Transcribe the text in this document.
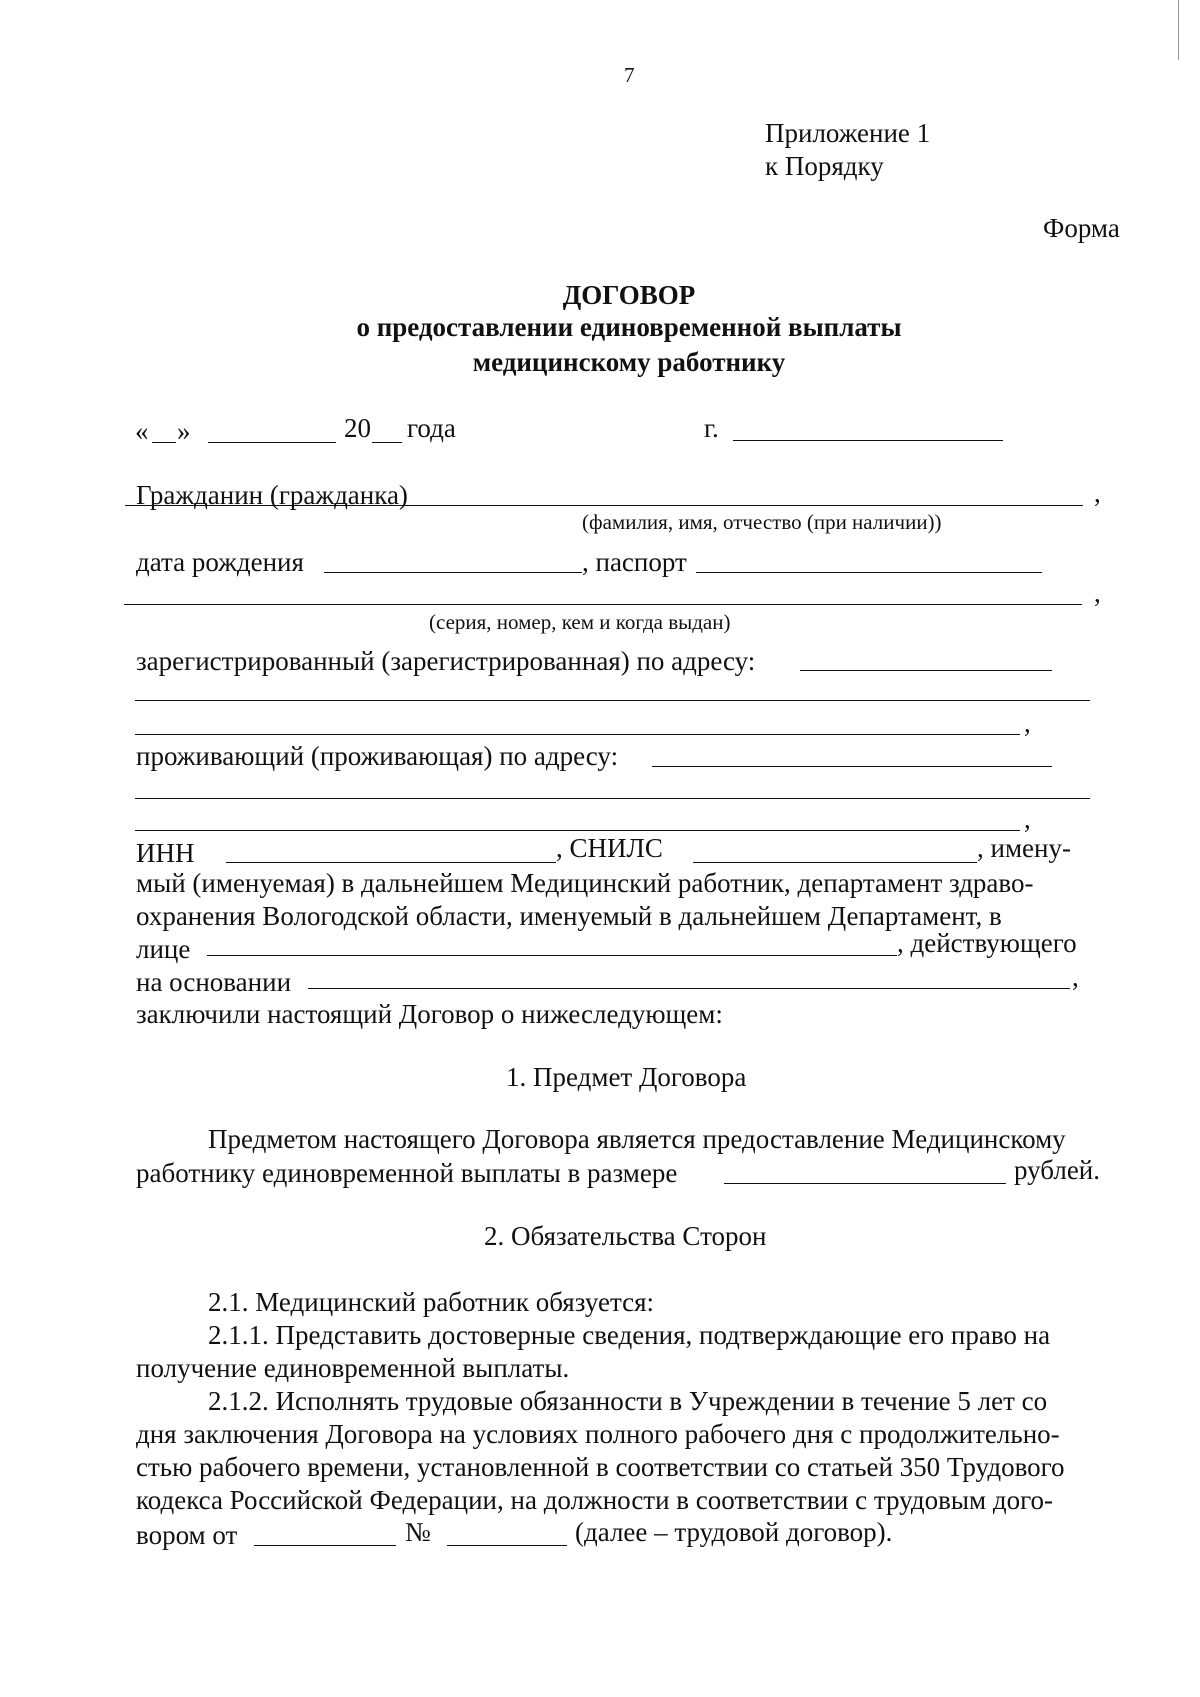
7
Приложение 1
к Порядку
Форма
ДОГОВОР
о предоставлении единовременной выплаты
медицинскому работнику
« »	20 года	г.
Гражданин (гражданка)	,
(фамилия, имя, отчество (при наличии))
дата рождения	, паспорт
,
(серия, номер, кем и когда выдан)
зарегистрированный (зарегистрированная) по адресу:
,
проживающий (проживающая) по адресу:
,
ИНН	, СНИЛС	, имену-
мый (именуемая) в дальнейшем Медицинский работник, департамент здраво-
охранения Вологодской области, именуемый в дальнейшем Департамент, в
лице	, действующего
на основании	,
заключили настоящий Договор о нижеследующем:
1. Предмет Договора
Предметом настоящего Договора является предоставление Медицинскому
работнику единовременной выплаты в размере	рублей.
2. Обязательства Сторон
2.1. Медицинский работник обязуется:
2.1.1. Представить достоверные сведения, подтверждающие его право на
получение единовременной выплаты.
2.1.2. Исполнять трудовые обязанности в Учреждении в течение 5 лет со
дня заключения Договора на условиях полного рабочего дня с продолжительно-
стью рабочего времени, установленной в соответствии со статьей 350 Трудового
кодекса Российской Федерации, на должности в соответствии с трудовым дого-
вором от	№	(далее – трудовой договор).
